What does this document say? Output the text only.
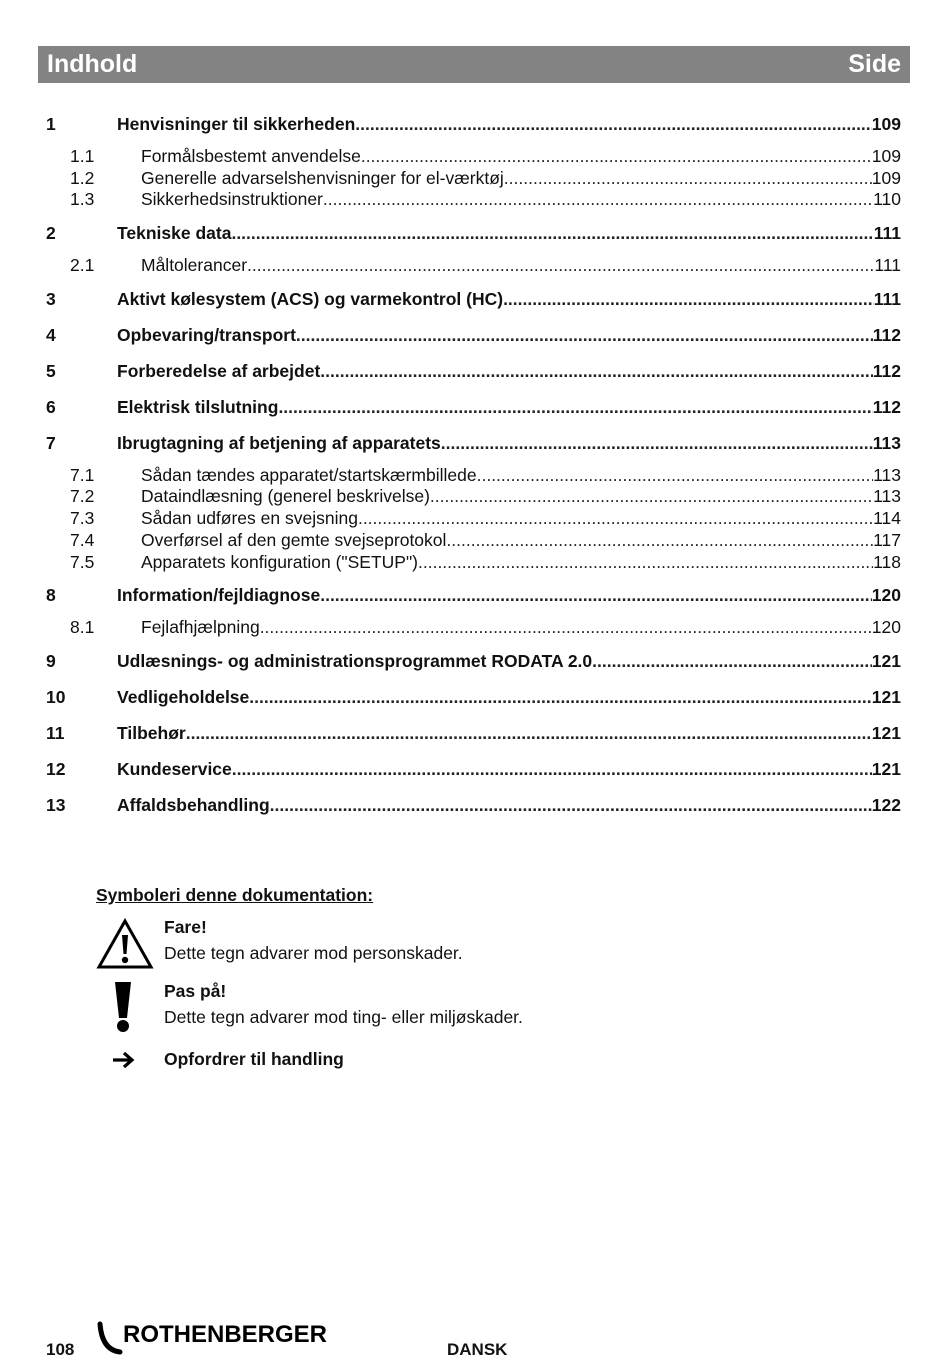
Indhold	Side
1	Henvisninger til sikkerheden .....	109
1.1	Formålsbestemt anvendelse .....	109
1.2	Generelle advarselshenvisninger for el-værktøj .....	109
1.3	Sikkerhedsinstruktioner .....	110
2	Tekniske data .....	111
2.1	Måltolerancer .....	111
3	Aktivt kølesystem (ACS) og varmekontrol (HC) .....	111
4	Opbevaring/transport .....	112
5	Forberedelse af arbejdet .....	112
6	Elektrisk tilslutning .....	112
7	Ibrugtagning af betjening af apparatets .....	113
7.1	Sådan tændes apparatet/startskærmbillede .....	113
7.2	Dataindlæsning (generel beskrivelse) .....	113
7.3	Sådan udføres en svejsning .....	114
7.4	Overførsel af den gemte svejseprotokol .....	117
7.5	Apparatets konfiguration ("SETUP") .....	118
8	Information/fejldiagnose .....	120
8.1	Fejlafhjælpning .....	120
9	Udlæsnings- og administrationsprogrammet RODATA 2.0 .....	121
10	Vedligeholdelse .....	121
11	Tilbehør .....	121
12	Kundeservice .....	121
13	Affaldsbehandling .....	122
Symboleri denne dokumentation:
Fare!
Dette tegn advarer mod personskader.
Pas på!
Dette tegn advarer mod ting- eller miljøskader.
Opfordrer til handling
108
ROTHENBERGER
DANSK
